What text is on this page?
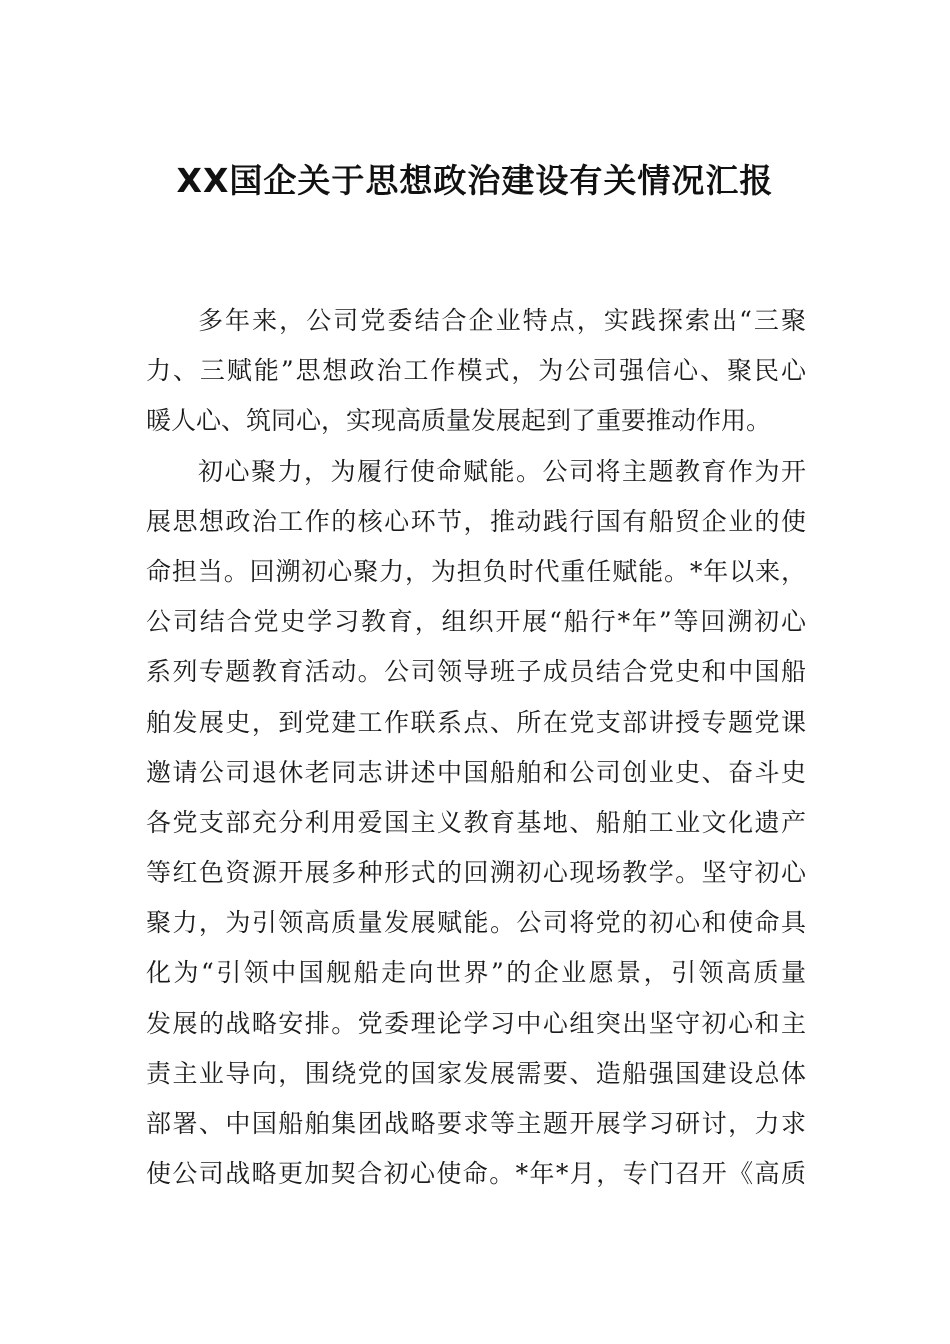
XX国企关于思想政治建设有关情况汇报
多年来，公司党委结合企业特点，实践探索出“三聚
力、三赋能”思想政治工作模式，为公司强信心、聚民心
暖人心、筑同心，实现高质量发展起到了重要推动作用。
初心聚力，为履行使命赋能。公司将主题教育作为开
展思想政治工作的核心环节，推动践行国有船贸企业的使
命担当。回溯初心聚力，为担负时代重任赋能。*年以来，
公司结合党史学习教育，组织开展“船行*年”等回溯初心
系列专题教育活动。公司领导班子成员结合党史和中国船
舶发展史，到党建工作联系点、所在党支部讲授专题党课
邀请公司退休老同志讲述中国船舶和公司创业史、奋斗史
各党支部充分利用爱国主义教育基地、船舶工业文化遗产
等红色资源开展多种形式的回溯初心现场教学。坚守初心
聚力，为引领高质量发展赋能。公司将党的初心和使命具
化为“引领中国舰船走向世界”的企业愿景，引领高质量
发展的战略安排。党委理论学习中心组突出坚守初心和主
责主业导向，围绕党的国家发展需要、造船强国建设总体
部署、中国船舶集团战略要求等主题开展学习研讨，力求
使公司战略更加契合初心使命。*年*月，专门召开《高质
